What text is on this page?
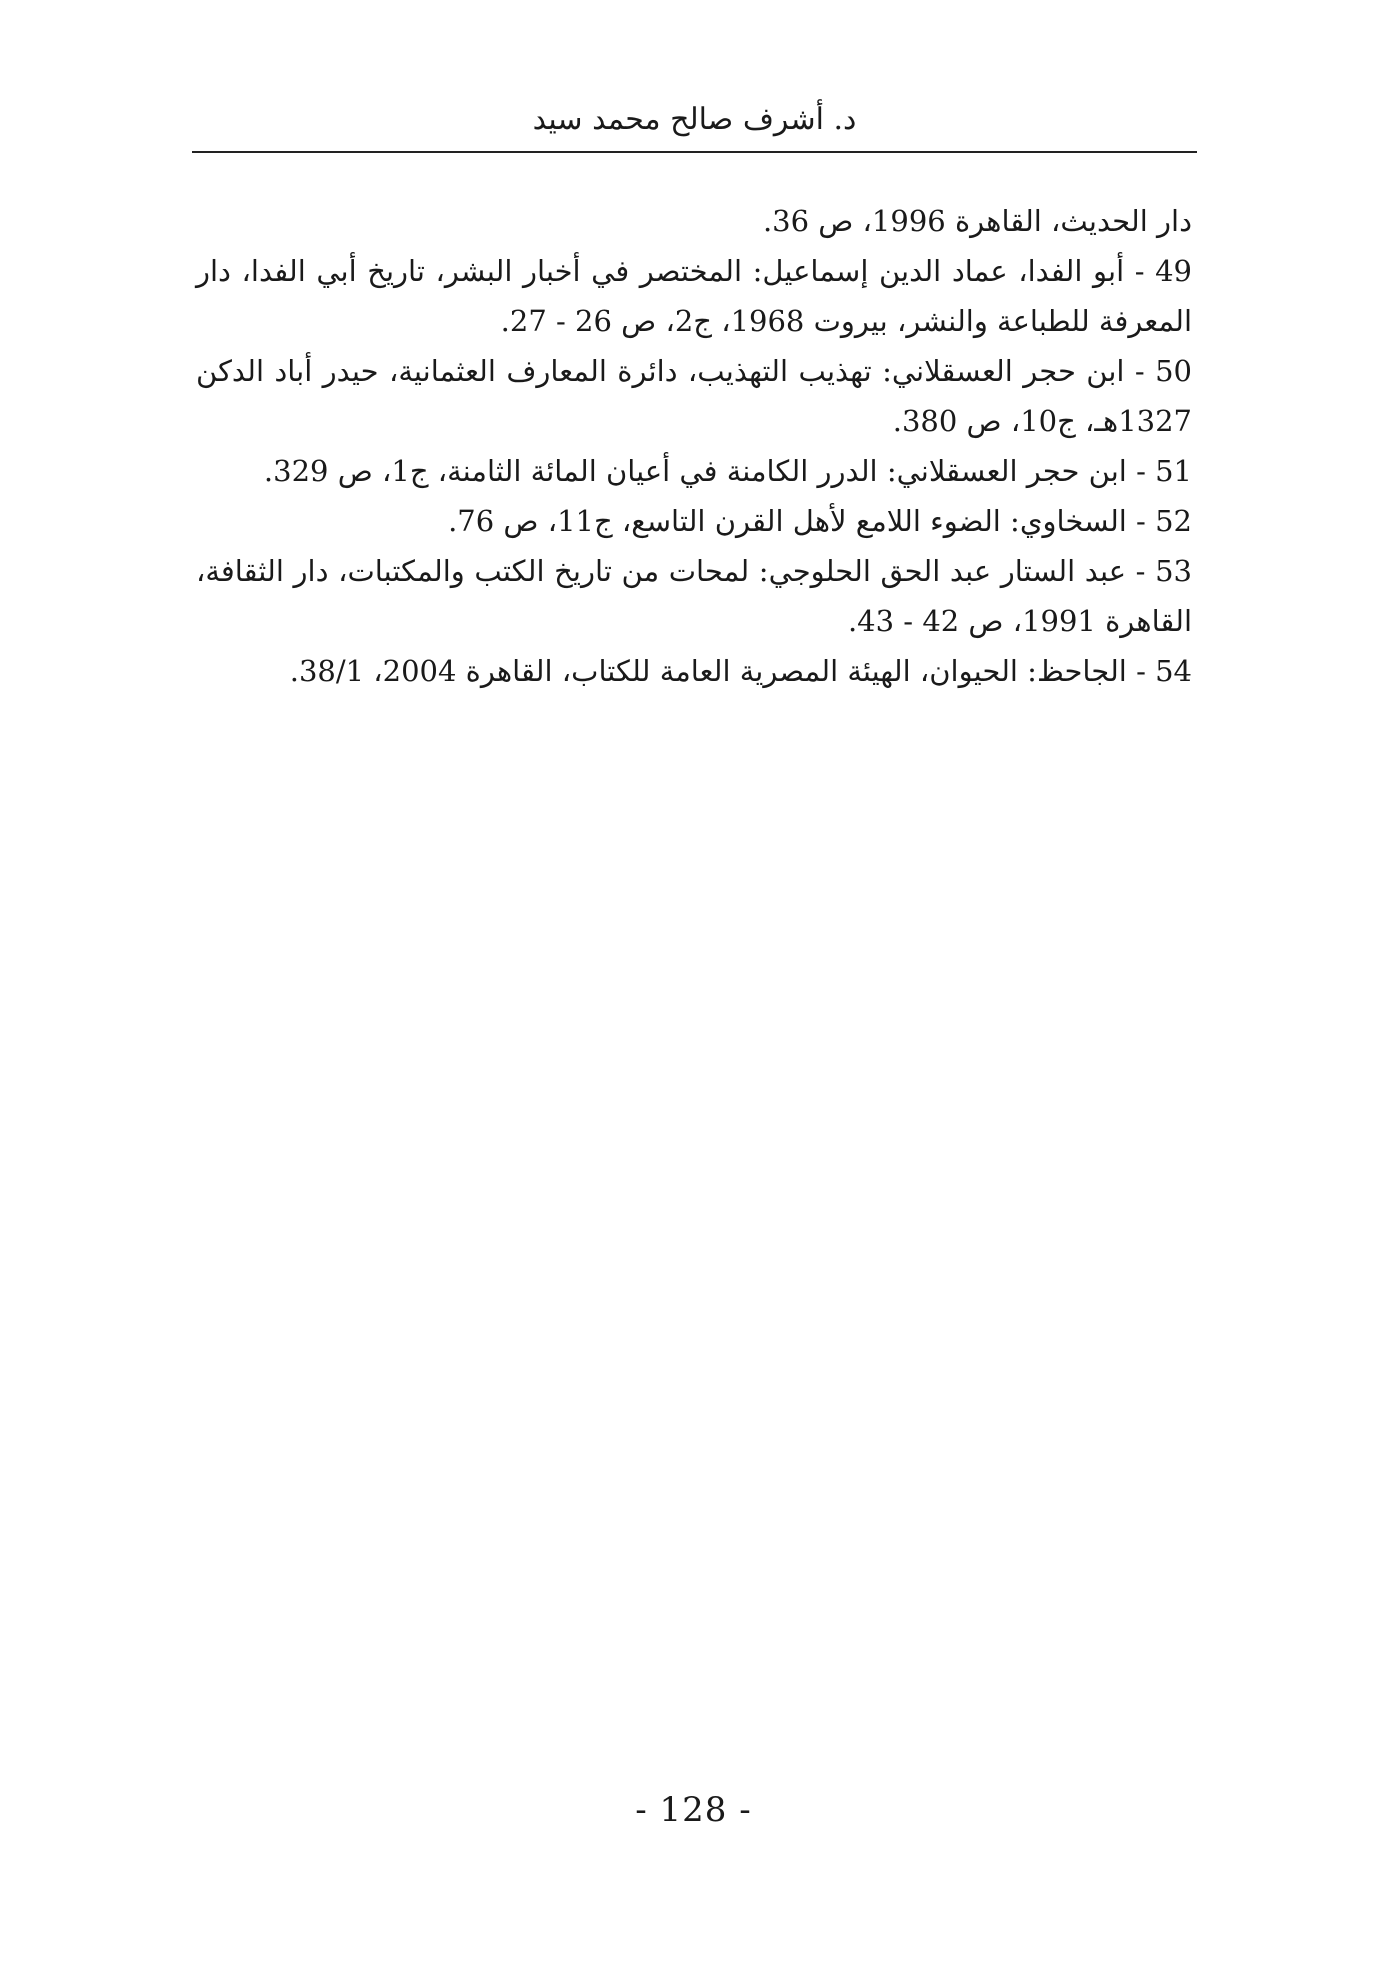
د. أشرف صالح محمد سيد

دار الحديث، القاهرة 1996، ص 36.

49 - أبو الفدا، عماد الدين إسماعيل: المختصر في أخبار البشر، تاريخ أبي الفدا، دار المعرفة للطباعة والنشر، بيروت 1968، ج2، ص 26 - 27.

50 - ابن حجر العسقلاني: تهذيب التهذيب، دائرة المعارف العثمانية، حيدر أباد الدكن 1327هـ، ج10، ص 380.

51 - ابن حجر العسقلاني: الدرر الكامنة في أعيان المائة الثامنة، ج1، ص 329.

52 - السخاوي: الضوء اللامع لأهل القرن التاسع، ج11، ص 76.

53 - عبد الستار عبد الحق الحلوجي: لمحات من تاريخ الكتب والمكتبات، دار الثقافة، القاهرة 1991، ص 42 - 43.

54 - الجاحظ: الحيوان، الهيئة المصرية العامة للكتاب، القاهرة 2004، 38/1.

- 128 -
